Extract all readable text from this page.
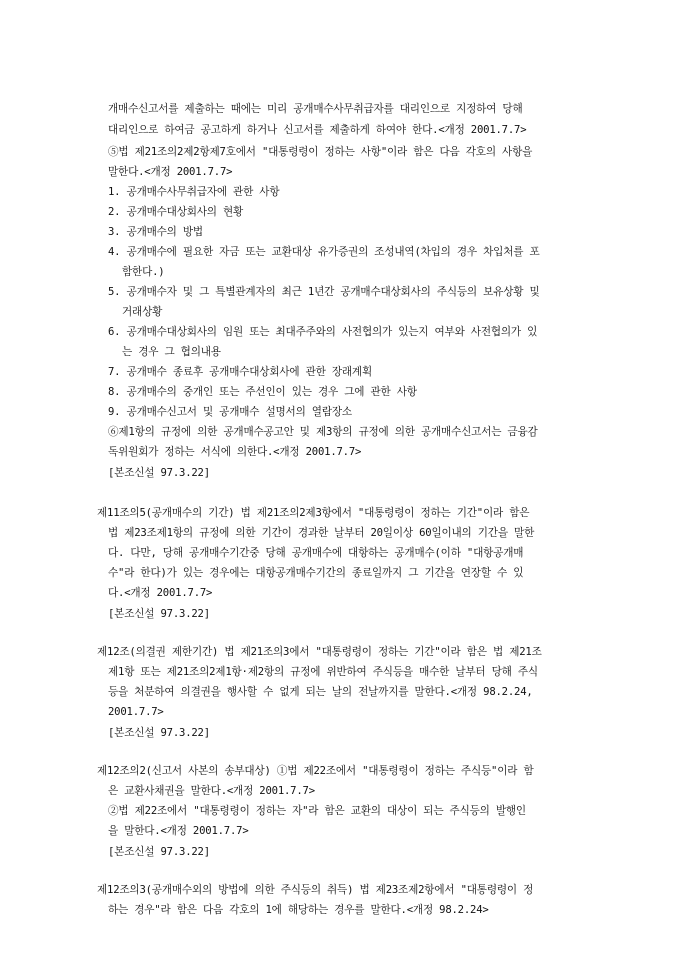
개매수신고서를 제출하는 때에는 미리 공개매수사무취급자를 대리인으로 지정하여 당해
대리인으로 하여금 공고하게 하거나 신고서를 제출하게 하여야 한다.<개정 2001.7.7>
⑤법 제21조의2제2항제7호에서 "대통령령이 정하는 사항"이라 함은 다음 각호의 사항을
말한다.<개정 2001.7.7>
1. 공개매수사무취급자에 관한 사항
2. 공개매수대상회사의 현황
3. 공개매수의 방법
4. 공개매수에 필요한 자금 또는 교환대상 유가증권의 조성내역(차입의 경우 차입처를 포
함한다.)
5. 공개매수자 및 그 특별관계자의 최근 1년간 공개매수대상회사의 주식등의 보유상황 및
거래상황
6. 공개매수대상회사의 임원 또는 최대주주와의 사전협의가 있는지 여부와 사전협의가 있
는 경우 그 협의내용
7. 공개매수 종료후 공개매수대상회사에 관한 장래계획
8. 공개매수의 중개인 또는 주선인이 있는 경우 그에 관한 사항
9. 공개매수신고서 및 공개매수 설명서의 열람장소
⑥제1항의 규정에 의한 공개매수공고안 및 제3항의 규정에 의한 공개매수신고서는 금융감
독위원회가 정하는 서식에 의한다.<개정 2001.7.7>
[본조신설 97.3.22]
제11조의5(공개매수의 기간) 법 제21조의2제3항에서 "대통령령이 정하는 기간"이라 함은
법 제23조제1항의 규정에 의한 기간이 경과한 날부터 20일이상 60일이내의 기간을 말한
다. 다만, 당해 공개매수기간중 당해 공개매수에 대항하는 공개매수(이하 "대항공개매
수"라 한다)가 있는 경우에는 대항공개매수기간의 종료일까지 그 기간을 연장할 수 있
다.<개정 2001.7.7>
[본조신설 97.3.22]
제12조(의결권 제한기간) 법 제21조의3에서 "대통령령이 정하는 기간"이라 함은 법 제21조
제1항 또는 제21조의2제1항·제2항의 규정에 위반하여 주식등을 매수한 날부터 당해 주식
등을 처분하여 의결권을 행사할 수 없게 되는 날의 전날까지를 말한다.<개정 98.2.24,
2001.7.7>
[본조신설 97.3.22]
제12조의2(신고서 사본의 송부대상) ①법 제22조에서 "대통령령이 정하는 주식등"이라 함
은 교환사채권을 말한다.<개정 2001.7.7>
②법 제22조에서 "대통령령이 정하는 자"라 함은 교환의 대상이 되는 주식등의 발행인
을 말한다.<개정 2001.7.7>
[본조신설 97.3.22]
제12조의3(공개매수외의 방법에 의한 주식등의 취득) 법 제23조제2항에서 "대통령령이 정
하는 경우"라 함은 다음 각호의 1에 해당하는 경우를 말한다.<개정 98.2.24>
